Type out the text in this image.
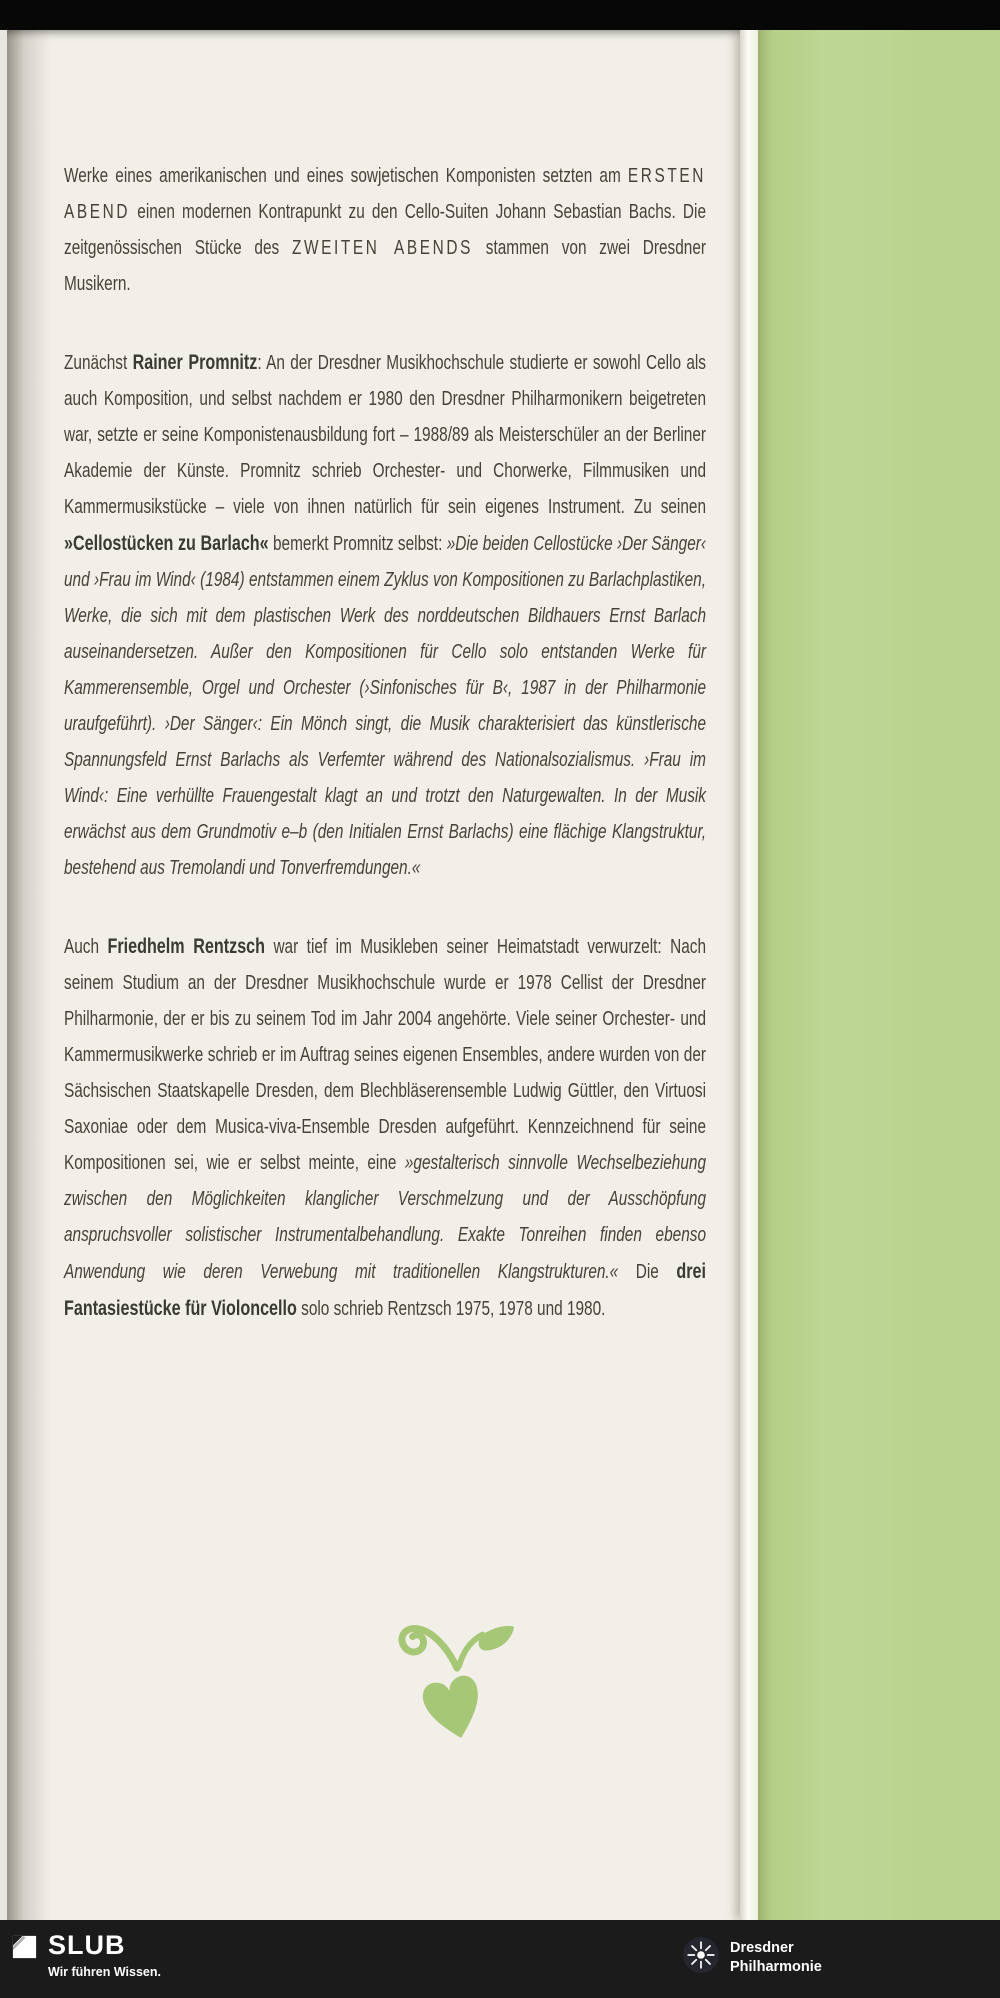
Werke eines amerikanischen und eines sowjetischen Komponisten setzten am ERSTEN ABEND einen modernen Kontrapunkt zu den Cello-Suiten Johann Sebastian Bachs. Die zeitgenössischen Stücke des ZWEITEN ABENDS stammen von zwei Dresdner Musikern.

Zunächst Rainer Promnitz: An der Dresdner Musikhochschule studierte er sowohl Cello als auch Komposition, und selbst nachdem er 1980 den Dresdner Philharmonikern beigetreten war, setzte er seine Komponistenausbildung fort – 1988/89 als Meisterschüler an der Berliner Akademie der Künste. Promnitz schrieb Orchester- und Chorwerke, Filmmusiken und Kammermusikstücke – viele von ihnen natürlich für sein eigenes Instrument. Zu seinen »Cellostücken zu Barlach« bemerkt Promnitz selbst: »Die beiden Cellostücke ›Der Sänger‹ und ›Frau im Wind‹ (1984) entstammen einem Zyklus von Kompositionen zu Barlachplastiken, Werke, die sich mit dem plastischen Werk des norddeutschen Bildhauers Ernst Barlach auseinandersetzen. Außer den Kompositionen für Cello solo entstanden Werke für Kammerensemble, Orgel und Orchester (›Sinfonisches für B‹, 1987 in der Philharmonie uraufgeführt). ›Der Sänger‹: Ein Mönch singt, die Musik charakterisiert das künstlerische Spannungsfeld Ernst Barlachs als Verfemter während des Nationalsozialismus. ›Frau im Wind‹: Eine verhüllte Frauengestalt klagt an und trotzt den Naturgewalten. In der Musik erwächst aus dem Grundmotiv e–b (den Initialen Ernst Barlachs) eine flächige Klangstruktur, bestehend aus Tremolandi und Tonverfremdungen.«

Auch Friedhelm Rentzsch war tief im Musikleben seiner Heimatstadt verwurzelt: Nach seinem Studium an der Dresdner Musikhochschule wurde er 1978 Cellist der Dresdner Philharmonie, der er bis zu seinem Tod im Jahr 2004 angehörte. Viele seiner Orchester- und Kammermusikwerke schrieb er im Auftrag seines eigenen Ensembles, andere wurden von der Sächsischen Staatskapelle Dresden, dem Blechbläserensemble Ludwig Güttler, den Virtuosi Saxoniae oder dem Musica-viva-Ensemble Dresden aufgeführt. Kennzeichnend für seine Kompositionen sei, wie er selbst meinte, eine »gestalterisch sinnvolle Wechselbeziehung zwischen den Möglichkeiten klanglicher Verschmelzung und der Ausschöpfung anspruchsvoller solistischer Instrumentalbehandlung. Exakte Tonreihen finden ebenso Anwendung wie deren Verwebung mit traditionellen Klangstrukturen.« Die drei Fantasiestücke für Violoncello solo schrieb Rentzsch 1975, 1978 und 1980.

SLUB
Wir führen Wissen.
Dresdner
Philharmonie
